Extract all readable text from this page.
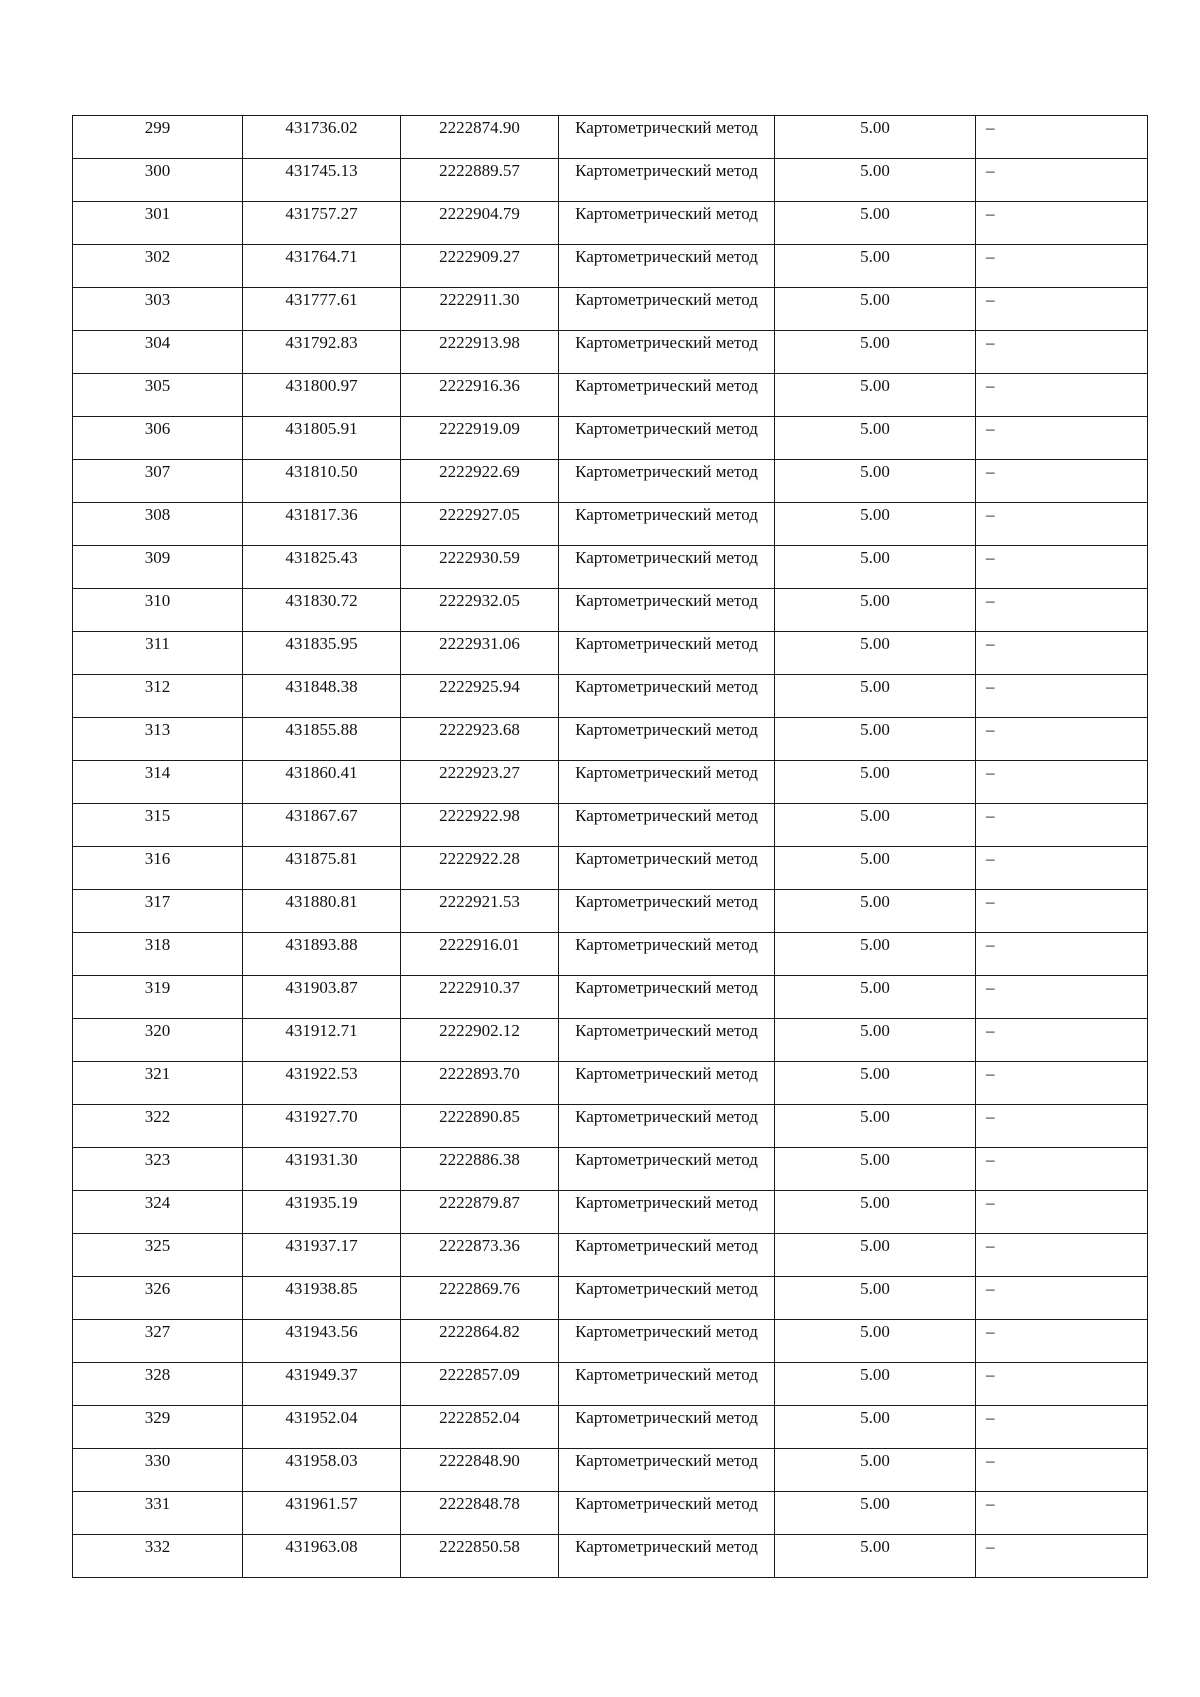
299	431736.02	2222874.90	Картометрический метод	5.00	–

300	431745.13	2222889.57	Картометрический метод	5.00	–

301	431757.27	2222904.79	Картометрический метод	5.00	–

302	431764.71	2222909.27	Картометрический метод	5.00	–

303	431777.61	2222911.30	Картометрический метод	5.00	–

304	431792.83	2222913.98	Картометрический метод	5.00	–

305	431800.97	2222916.36	Картометрический метод	5.00	–

306	431805.91	2222919.09	Картометрический метод	5.00	–

307	431810.50	2222922.69	Картометрический метод	5.00	–

308	431817.36	2222927.05	Картометрический метод	5.00	–

309	431825.43	2222930.59	Картометрический метод	5.00	–

310	431830.72	2222932.05	Картометрический метод	5.00	–

311	431835.95	2222931.06	Картометрический метод	5.00	–

312	431848.38	2222925.94	Картометрический метод	5.00	–

313	431855.88	2222923.68	Картометрический метод	5.00	–

314	431860.41	2222923.27	Картометрический метод	5.00	–

315	431867.67	2222922.98	Картометрический метод	5.00	–

316	431875.81	2222922.28	Картометрический метод	5.00	–

317	431880.81	2222921.53	Картометрический метод	5.00	–

318	431893.88	2222916.01	Картометрический метод	5.00	–

319	431903.87	2222910.37	Картометрический метод	5.00	–

320	431912.71	2222902.12	Картометрический метод	5.00	–

321	431922.53	2222893.70	Картометрический метод	5.00	–

322	431927.70	2222890.85	Картометрический метод	5.00	–

323	431931.30	2222886.38	Картометрический метод	5.00	–

324	431935.19	2222879.87	Картометрический метод	5.00	–

325	431937.17	2222873.36	Картометрический метод	5.00	–

326	431938.85	2222869.76	Картометрический метод	5.00	–

327	431943.56	2222864.82	Картометрический метод	5.00	–

328	431949.37	2222857.09	Картометрический метод	5.00	–

329	431952.04	2222852.04	Картометрический метод	5.00	–

330	431958.03	2222848.90	Картометрический метод	5.00	–

331	431961.57	2222848.78	Картометрический метод	5.00	–

332	431963.08	2222850.58	Картометрический метод	5.00	–
